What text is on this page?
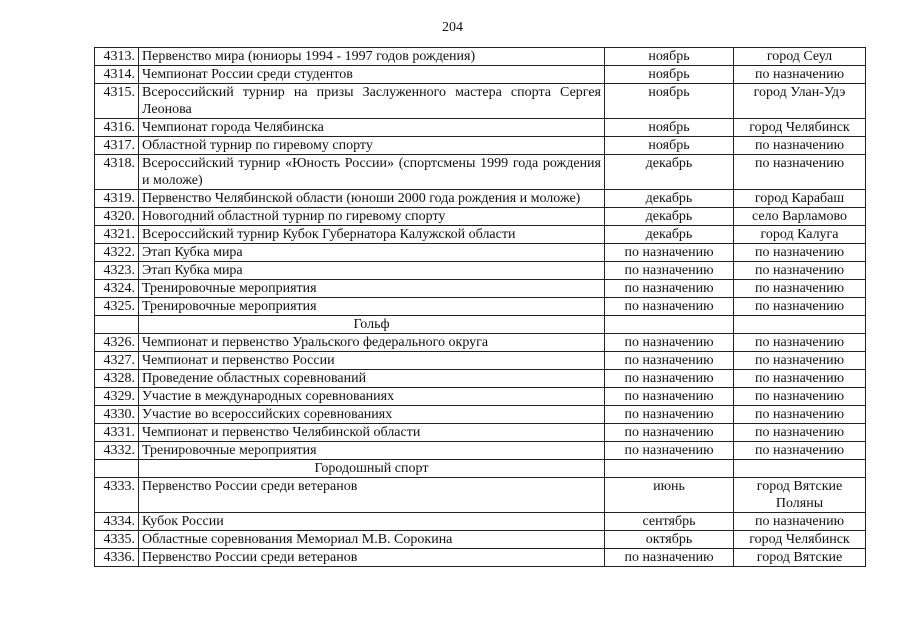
204
4313.	Первенство мира (юниоры 1994 - 1997 годов рождения)	ноябрь	город Сеул
4314.	Чемпионат России среди студентов	ноябрь	по назначению
4315.	Всероссийский турнир на призы Заслуженного мастера спорта Сергея Леонова	ноябрь	город Улан-Удэ
4316.	Чемпионат города Челябинска	ноябрь	город Челябинск
4317.	Областной турнир по гиревому спорту	ноябрь	по назначению
4318.	Всероссийский турнир «Юность России» (спортсмены 1999 года рождения и моложе)	декабрь	по назначению
4319.	Первенство Челябинской области (юноши 2000 года рождения и моложе)	декабрь	город Карабаш
4320.	Новогодний областной турнир по гиревому спорту	декабрь	село Варламово
4321.	Всероссийский турнир Кубок Губернатора Калужской области	декабрь	город Калуга
4322.	Этап Кубка мира	по назначению	по назначению
4323.	Этап Кубка мира	по назначению	по назначению
4324.	Тренировочные мероприятия	по назначению	по назначению
4325.	Тренировочные мероприятия	по назначению	по назначению
	Гольф		
4326.	Чемпионат и первенство Уральского федерального округа	по назначению	по назначению
4327.	Чемпионат и первенство России	по назначению	по назначению
4328.	Проведение областных соревнований	по назначению	по назначению
4329.	Участие в международных соревнованиях	по назначению	по назначению
4330.	Участие во всероссийских соревнованиях	по назначению	по назначению
4331.	Чемпионат и первенство Челябинской области	по назначению	по назначению
4332.	Тренировочные мероприятия	по назначению	по назначению
	Городошный спорт		
4333.	Первенство России среди ветеранов	июнь	город Вятские Поляны
4334.	Кубок России	сентябрь	по назначению
4335.	Областные соревнования Мемориал М.В. Сорокина	октябрь	город Челябинск
4336.	Первенство России среди ветеранов	по назначению	город Вятские
